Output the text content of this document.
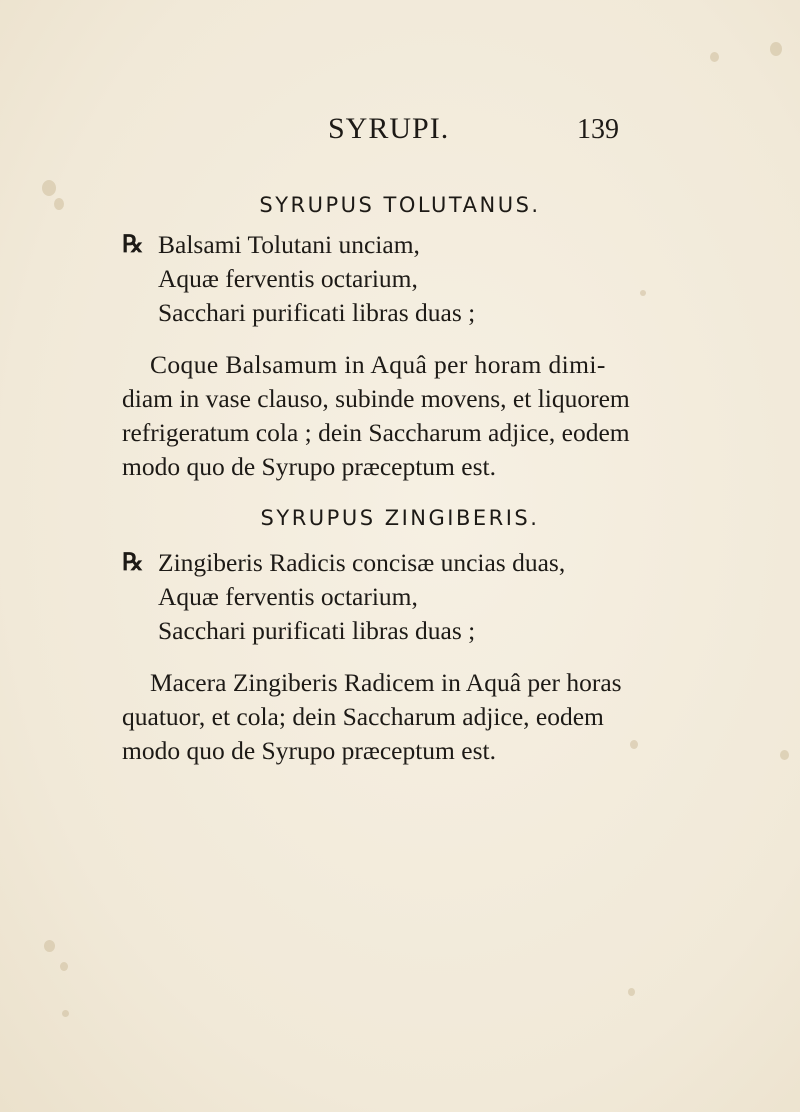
SYRUPI.	139
SYRUPUS TOLUTANUS.
℞ Balsami Tolutani unciam,
Aquæ ferventis octarium,
Sacchari purificati libras duas ;
Coque Balsamum in Aquâ per horam dimi-
diam in vase clauso, subinde movens, et liquorem
refrigeratum cola ; dein Saccharum adjice, eodem
modo quo de Syrupo præceptum est.
SYRUPUS ZINGIBERIS.
℞ Zingiberis Radicis concisæ uncias duas,
Aquæ ferventis octarium,
Sacchari purificati libras duas ;
Macera Zingiberis Radicem in Aquâ per horas
quatuor, et cola; dein Saccharum adjice, eodem
modo quo de Syrupo præceptum est.
